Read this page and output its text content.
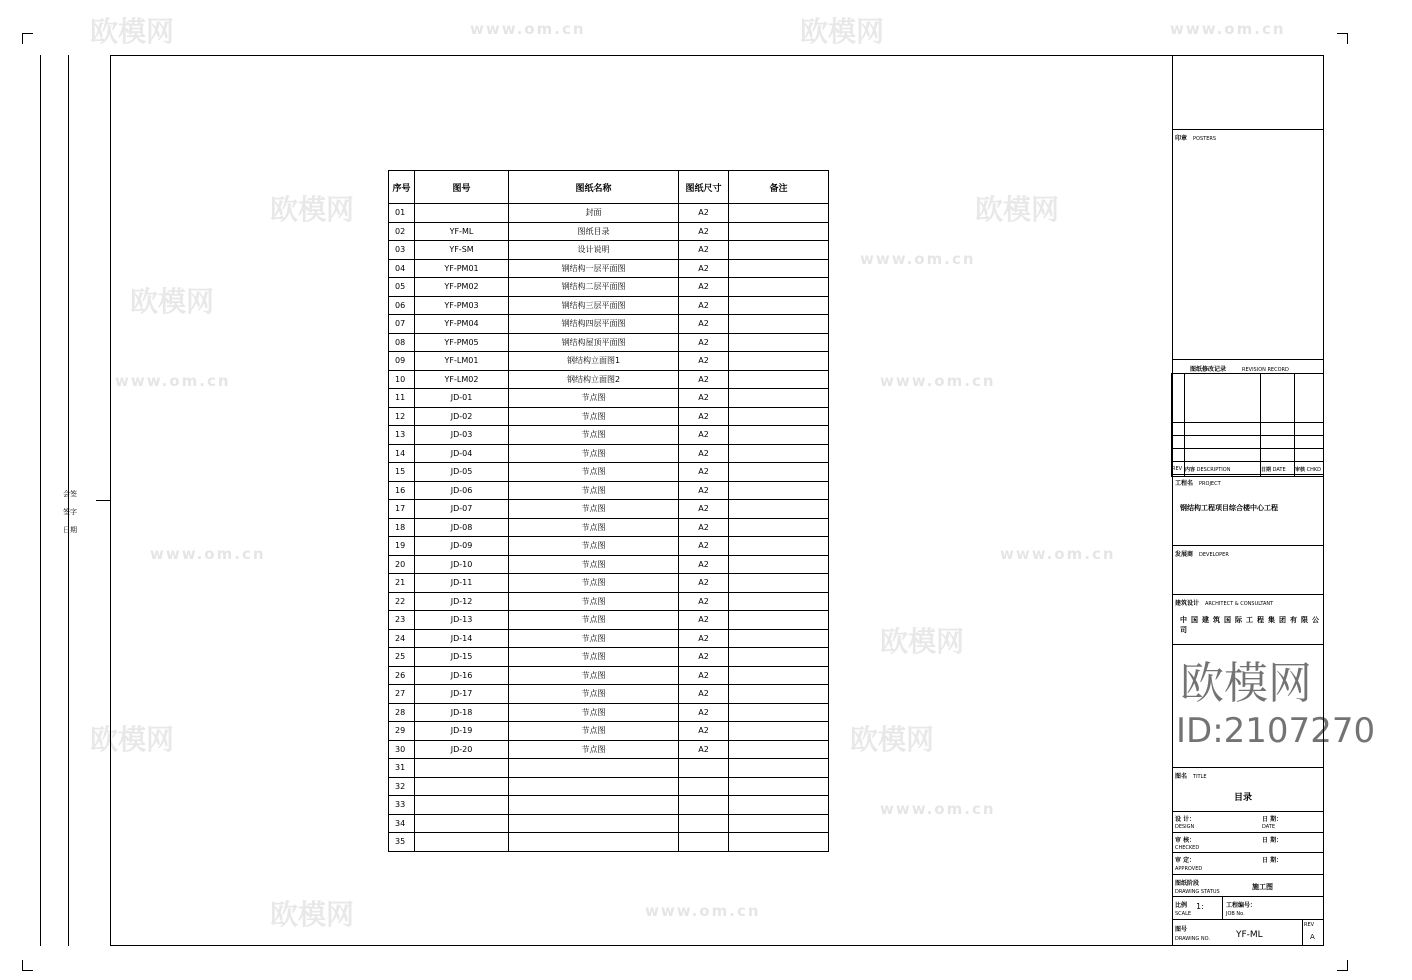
欧模网	欧模网
www.om.cn	www.om.cn
欧模网	欧模网
www.om.cn
www.om.cn	www.om.cn
欧模网
欧模网
www.om.cn	www.om.cn
欧模网	欧模网
www.om.cn
欧模网	www.om.cn
会签
签字
日期
序号	图号	图纸名称	图纸尺寸	备注
01		封面	A2	
02	YF-ML	图纸目录	A2	
03	YF-SM	设计说明	A2	
04	YF-PM01	钢结构一层平面图	A2	
05	YF-PM02	钢结构二层平面图	A2	
06	YF-PM03	钢结构三层平面图	A2	
07	YF-PM04	钢结构四层平面图	A2	
08	YF-PM05	钢结构屋顶平面图	A2	
09	YF-LM01	钢结构立面图1	A2	
10	YF-LM02	钢结构立面图2	A2	
11	JD-01	节点图	A2	
12	JD-02	节点图	A2	
13	JD-03	节点图	A2	
14	JD-04	节点图	A2	
15	JD-05	节点图	A2	
16	JD-06	节点图	A2	
17	JD-07	节点图	A2	
18	JD-08	节点图	A2	
19	JD-09	节点图	A2	
20	JD-10	节点图	A2	
21	JD-11	节点图	A2	
22	JD-12	节点图	A2	
23	JD-13	节点图	A2	
24	JD-14	节点图	A2	
25	JD-15	节点图	A2	
26	JD-16	节点图	A2	
27	JD-17	节点图	A2	
28	JD-18	节点图	A2	
29	JD-19	节点图	A2	
30	JD-20	节点图	A2	
31				
32				
33				
34				
35				
印章 POSTERS
图纸修改记录	REVISION RECORD

REV	内容 DESCRIPTION	日期 DATE	审核 CHKD
工程名 PROJECT
钢结构工程项目综合楼中心工程
发展商 DEVELOPER
建筑设计 ARCHITECT & CONSULTANT
中国建筑国际工程集团有限公司
欧模网
ID:2107270
图名 TITLE
目录
设 计：
DESIGN
日 期：
DATE
审 核：
CHECKED
日 期：
审 定：
APPROVED
日 期：
图纸阶段
DRAWING STATUS
施工图
比例
SCALE
1:	工程编号：
JOB No.
图号
DRAWING NO.	YF-ML
REV
A
